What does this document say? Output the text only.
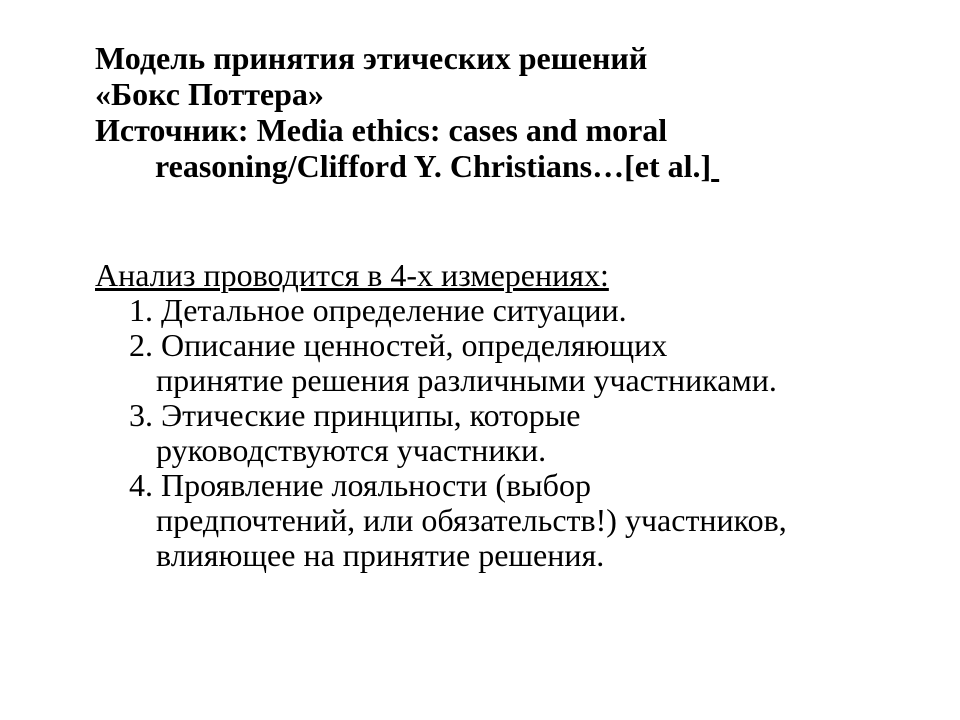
Модель принятия этических решений
«Бокс Поттера»
Источник: Media ethics: cases and moral
reasoning/Clifford Y. Christians…[et al.]
Анализ проводится в 4-х измерениях:
1. Детальное определение ситуации.
2. Описание ценностей, определяющих
принятие решения различными участниками.
3. Этические принципы, которые
руководствуются участники.
4. Проявление лояльности (выбор
предпочтений, или обязательств!) участников,
влияющее на принятие решения.
